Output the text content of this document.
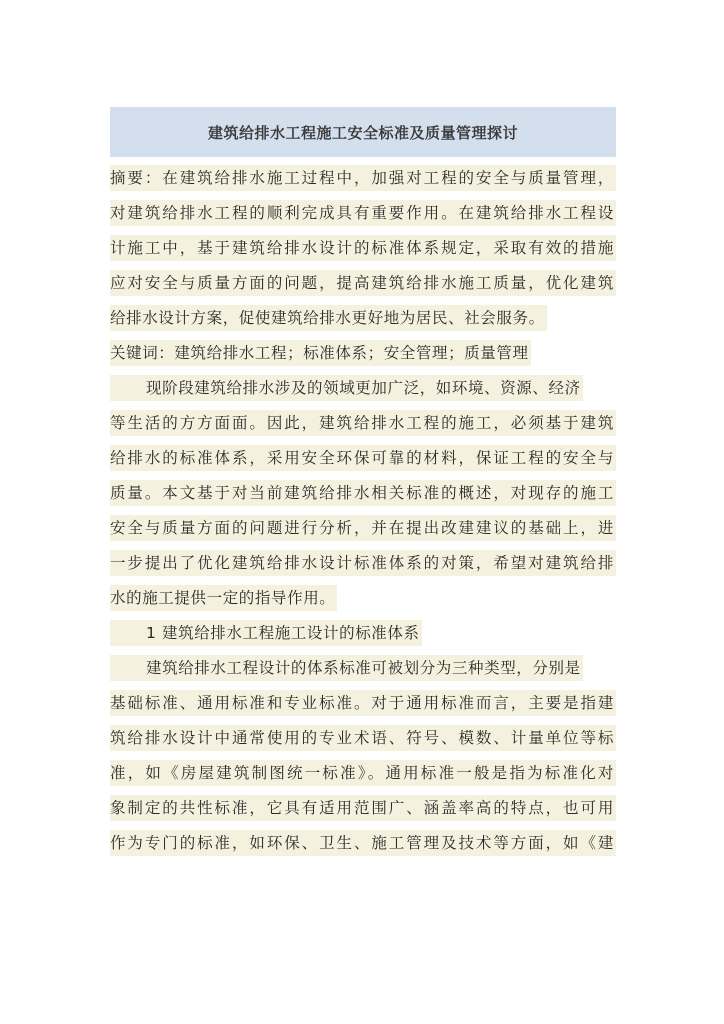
建筑给排水工程施工安全标准及质量管理探讨
摘要：在建筑给排水施工过程中，加强对工程的安全与质量管理，
对建筑给排水工程的顺利完成具有重要作用。在建筑给排水工程设
计施工中，基于建筑给排水设计的标准体系规定，采取有效的措施
应对安全与质量方面的问题，提高建筑给排水施工质量，优化建筑
给排水设计方案，促使建筑给排水更好地为居民、社会服务。
关键词：建筑给排水工程；标准体系；安全管理；质量管理
现阶段建筑给排水涉及的领域更加广泛，如环境、资源、经济
等生活的方方面面。因此，建筑给排水工程的施工，必须基于建筑
给排水的标准体系，采用安全环保可靠的材料，保证工程的安全与
质量。本文基于对当前建筑给排水相关标准的概述，对现存的施工
安全与质量方面的问题进行分析，并在提出改建建议的基础上，进
一步提出了优化建筑给排水设计标准体系的对策，希望对建筑给排
水的施工提供一定的指导作用。
1 建筑给排水工程施工设计的标准体系
建筑给排水工程设计的体系标准可被划分为三种类型，分别是
基础标准、通用标准和专业标准。对于通用标准而言，主要是指建
筑给排水设计中通常使用的专业术语、符号、模数、计量单位等标
准，如《房屋建筑制图统一标准》。通用标准一般是指为标准化对
象制定的共性标准，它具有适用范围广、涵盖率高的特点，也可用
作为专门的标准，如环保、卫生、施工管理及技术等方面，如《建
